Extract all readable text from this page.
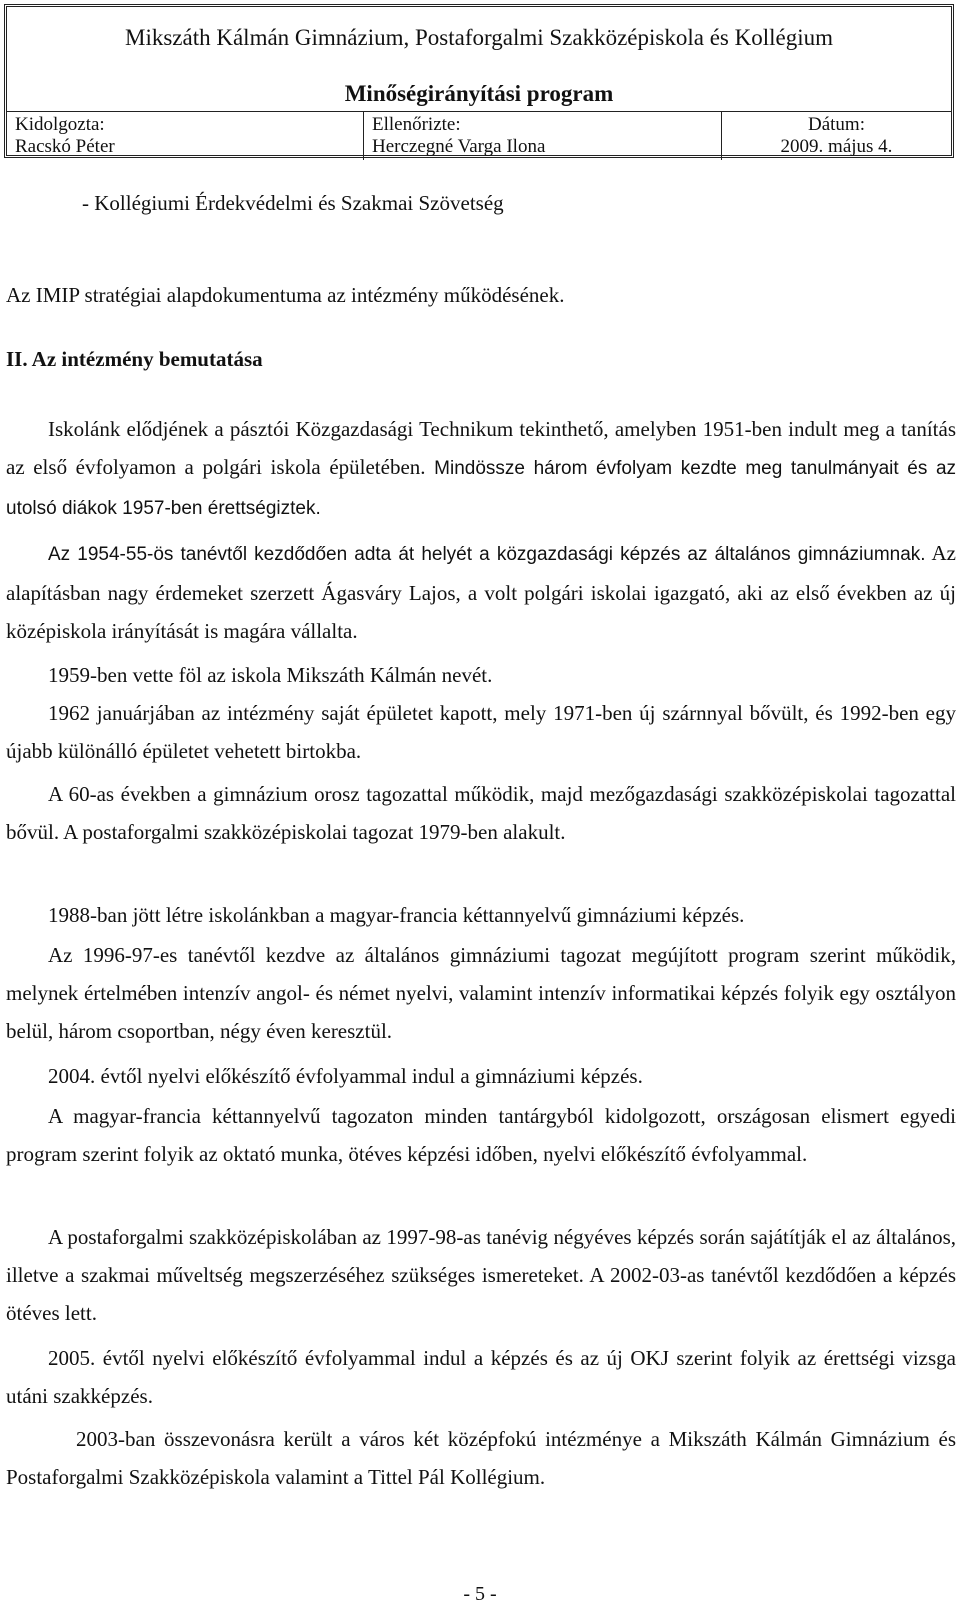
Mikszáth Kálmán Gimnázium, Postaforgalmi Szakközépiskola és Kollégium
Minőségirányítási program
Kidolgozta:
Racskó Péter
Ellenőrizte:
Herczegné Varga Ilona
Dátum:
2009. május 4.
- Kollégiumi Érdekvédelmi és Szakmai Szövetség
Az IMIP stratégiai alapdokumentuma az intézmény működésének.
II. Az intézmény bemutatása
Iskolánk elődjének a pásztói Közgazdasági Technikum tekinthető, amelyben 1951-ben indult meg a tanítás az első évfolyamon a polgári iskola épületében. Mindössze három évfolyam kezdte meg tanulmányait és az utolsó diákok 1957-ben érettségiztek.
Az 1954-55-ös tanévtől kezdődően adta át helyét a közgazdasági képzés az általános gimnáziumnak. Az alapításban nagy érdemeket szerzett Ágasváry Lajos, a volt polgári iskolai igazgató, aki az első években az új középiskola irányítását is magára vállalta.
1959-ben vette föl az iskola Mikszáth Kálmán nevét.
1962 januárjában az intézmény saját épületet kapott, mely 1971-ben új szárnnyal bővült, és 1992-ben egy újabb különálló épületet vehetett birtokba.
A 60-as években a gimnázium orosz tagozattal működik, majd mezőgazdasági szakközépiskolai tagozattal bővül. A postaforgalmi szakközépiskolai tagozat 1979-ben alakult.
1988-ban jött létre iskolánkban a magyar-francia kéttannyelvű gimnáziumi képzés.
Az 1996-97-es tanévtől kezdve az általános gimnáziumi tagozat megújított program szerint működik, melynek értelmében intenzív angol- és német nyelvi, valamint intenzív informatikai képzés folyik egy osztályon belül, három csoportban, négy éven keresztül.
2004. évtől nyelvi előkészítő évfolyammal indul a gimnáziumi képzés.
A magyar-francia kéttannyelvű tagozaton minden tantárgyból kidolgozott, országosan elismert egyedi program szerint folyik az oktató munka, ötéves képzési időben, nyelvi előkészítő évfolyammal.
A postaforgalmi szakközépiskolában az 1997-98-as tanévig négyéves képzés során sajátítják el az általános, illetve a szakmai műveltség megszerzéséhez szükséges ismereteket. A 2002-03-as tanévtől kezdődően a képzés ötéves lett.
2005. évtől nyelvi előkészítő évfolyammal indul a képzés és az új OKJ szerint folyik az érettségi vizsga utáni szakképzés.
2003-ban összevonásra került a város két középfokú intézménye a Mikszáth Kálmán Gimnázium és Postaforgalmi Szakközépiskola valamint a Tittel Pál Kollégium.
- 5 -
